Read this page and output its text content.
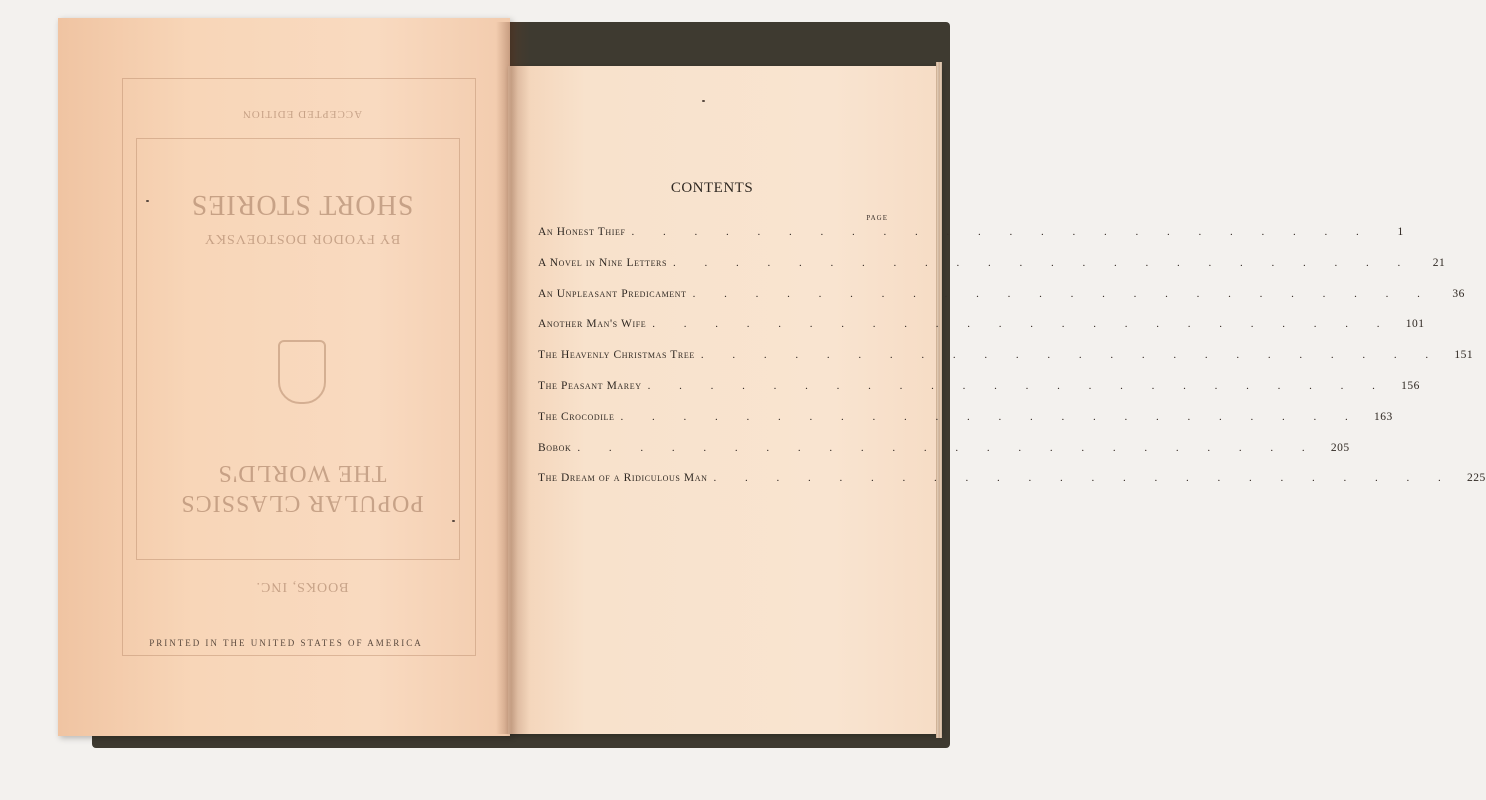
ACCEPTED EDITION
SHORT STORIES
BY FYODOR DOSTOEVSKY
POPULAR CLASSICS
THE WORLD'S
BOOKS, INC.
PRINTED IN THE UNITED STATES OF AMERICA
CONTENTS
PAGE
An Honest Thief . . . . . . . . . . . . . . . . . . . . . . . .	1
A Novel in Nine Letters . . . . . . . . . . . . . . . . . . . . . . . .	21
An Unpleasant Predicament . . . . . . . . . . . . . . . . . . . . . . . .	36
Another Man's Wife . . . . . . . . . . . . . . . . . . . . . . . .	101
The Heavenly Christmas Tree . . . . . . . . . . . . . . . . . . . . . . . .	151
The Peasant Marey . . . . . . . . . . . . . . . . . . . . . . . .	156
The Crocodile . . . . . . . . . . . . . . . . . . . . . . . .	163
Bobok . . . . . . . . . . . . . . . . . . . . . . . .	205
The Dream of a Ridiculous Man . . . . . . . . . . . . . . . . . . . . . . . .	225
